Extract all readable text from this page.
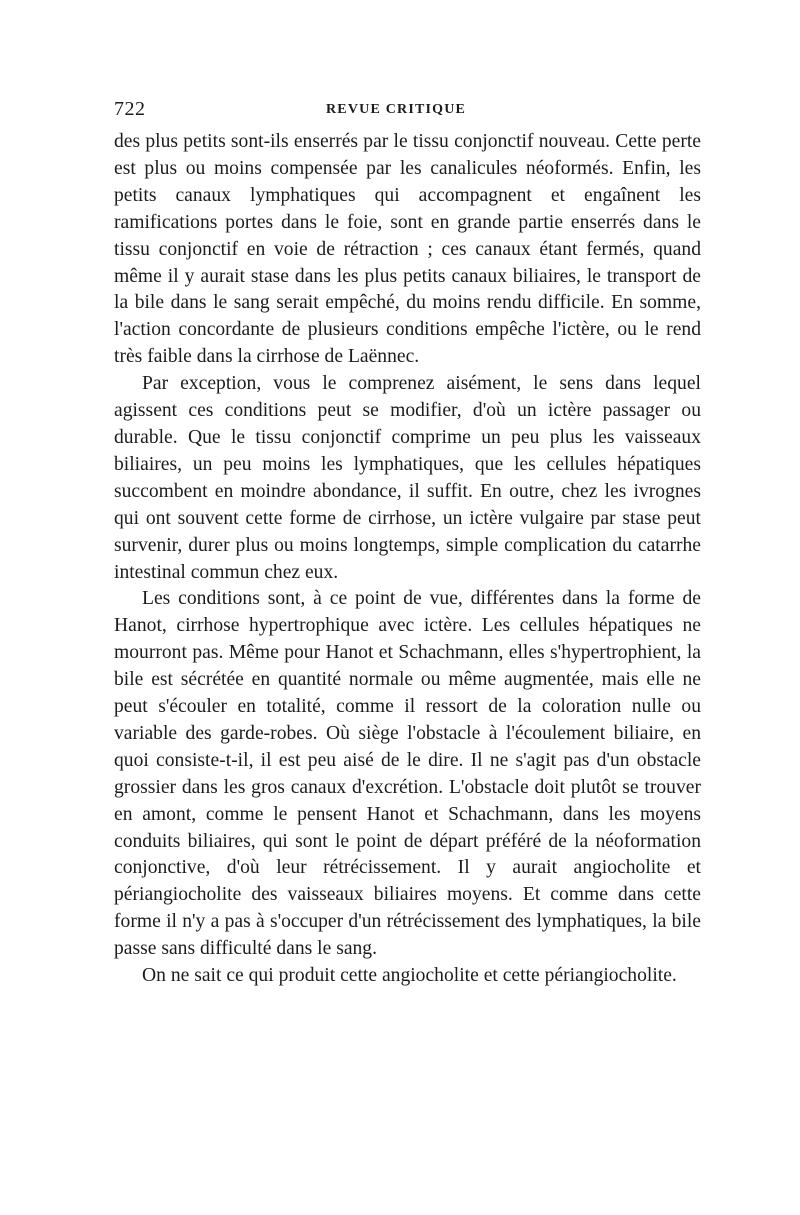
722	REVUE CRITIQUE

des plus petits sont-ils enserrés par le tissu conjonctif nouveau. Cette perte est plus ou moins compensée par les canalicules néoformés. Enfin, les petits canaux lymphatiques qui accompagnent et engaînent les ramifications portes dans le foie, sont en grande partie enserrés dans le tissu conjonctif en voie de rétraction ; ces canaux étant fermés, quand même il y aurait stase dans les plus petits canaux biliaires, le transport de la bile dans le sang serait empêché, du moins rendu difficile. En somme, l'action concordante de plusieurs conditions empêche l'ictère, ou le rend très faible dans la cirrhose de Laënnec.

Par exception, vous le comprenez aisément, le sens dans lequel agissent ces conditions peut se modifier, d'où un ictère passager ou durable. Que le tissu conjonctif comprime un peu plus les vaisseaux biliaires, un peu moins les lymphatiques, que les cellules hépatiques succombent en moindre abondance, il suffit. En outre, chez les ivrognes qui ont souvent cette forme de cirrhose, un ictère vulgaire par stase peut survenir, durer plus ou moins longtemps, simple complication du catarrhe intestinal commun chez eux.

Les conditions sont, à ce point de vue, différentes dans la forme de Hanot, cirrhose hypertrophique avec ictère. Les cellules hépatiques ne mourront pas. Même pour Hanot et Schachmann, elles s'hypertrophient, la bile est sécrétée en quantité normale ou même augmentée, mais elle ne peut s'écouler en totalité, comme il ressort de la coloration nulle ou variable des garde-robes. Où siège l'obstacle à l'écoulement biliaire, en quoi consiste-t-il, il est peu aisé de le dire. Il ne s'agit pas d'un obstacle grossier dans les gros canaux d'excrétion. L'obstacle doit plutôt se trouver en amont, comme le pensent Hanot et Schachmann, dans les moyens conduits biliaires, qui sont le point de départ préféré de la néoformation conjonctive, d'où leur rétrécissement. Il y aurait angiocholite et périangiocholite des vaisseaux biliaires moyens. Et comme dans cette forme il n'y a pas à s'occuper d'un rétrécissement des lymphatiques, la bile passe sans difficulté dans le sang.

On ne sait ce qui produit cette angiocholite et cette périangiocholite.
